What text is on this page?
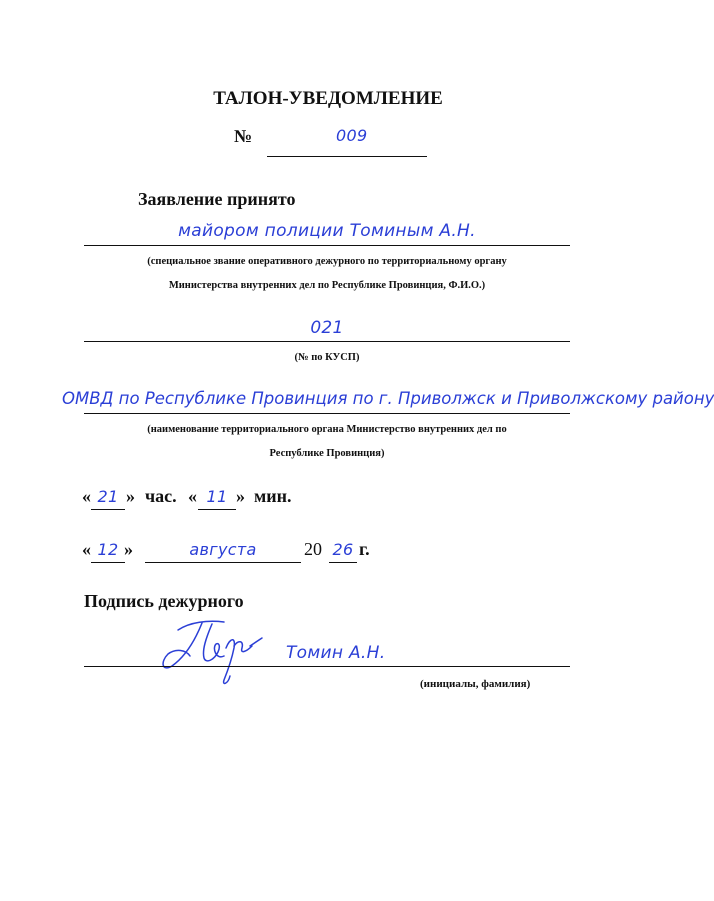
ТАЛОН-УВЕДОМЛЕНИЕ
№	009
Заявление принято
майором полиции Томиным А.Н.
(специальное звание оперативного дежурного по территориальному органу
Министерства внутренних дел по Республике Провинция, Ф.И.О.)
021
(№ по КУСП)
ОМВД по Республике Провинция по г. Приволжск и Приволжскому району
(наименование территориального органа Министерство внутренних дел по
Республике Провинция)
« 21 » час. « 11 » мин.
« 12 »	августа	20 26 г.
Подпись дежурного
Томин А.Н.
(инициалы, фамилия)
